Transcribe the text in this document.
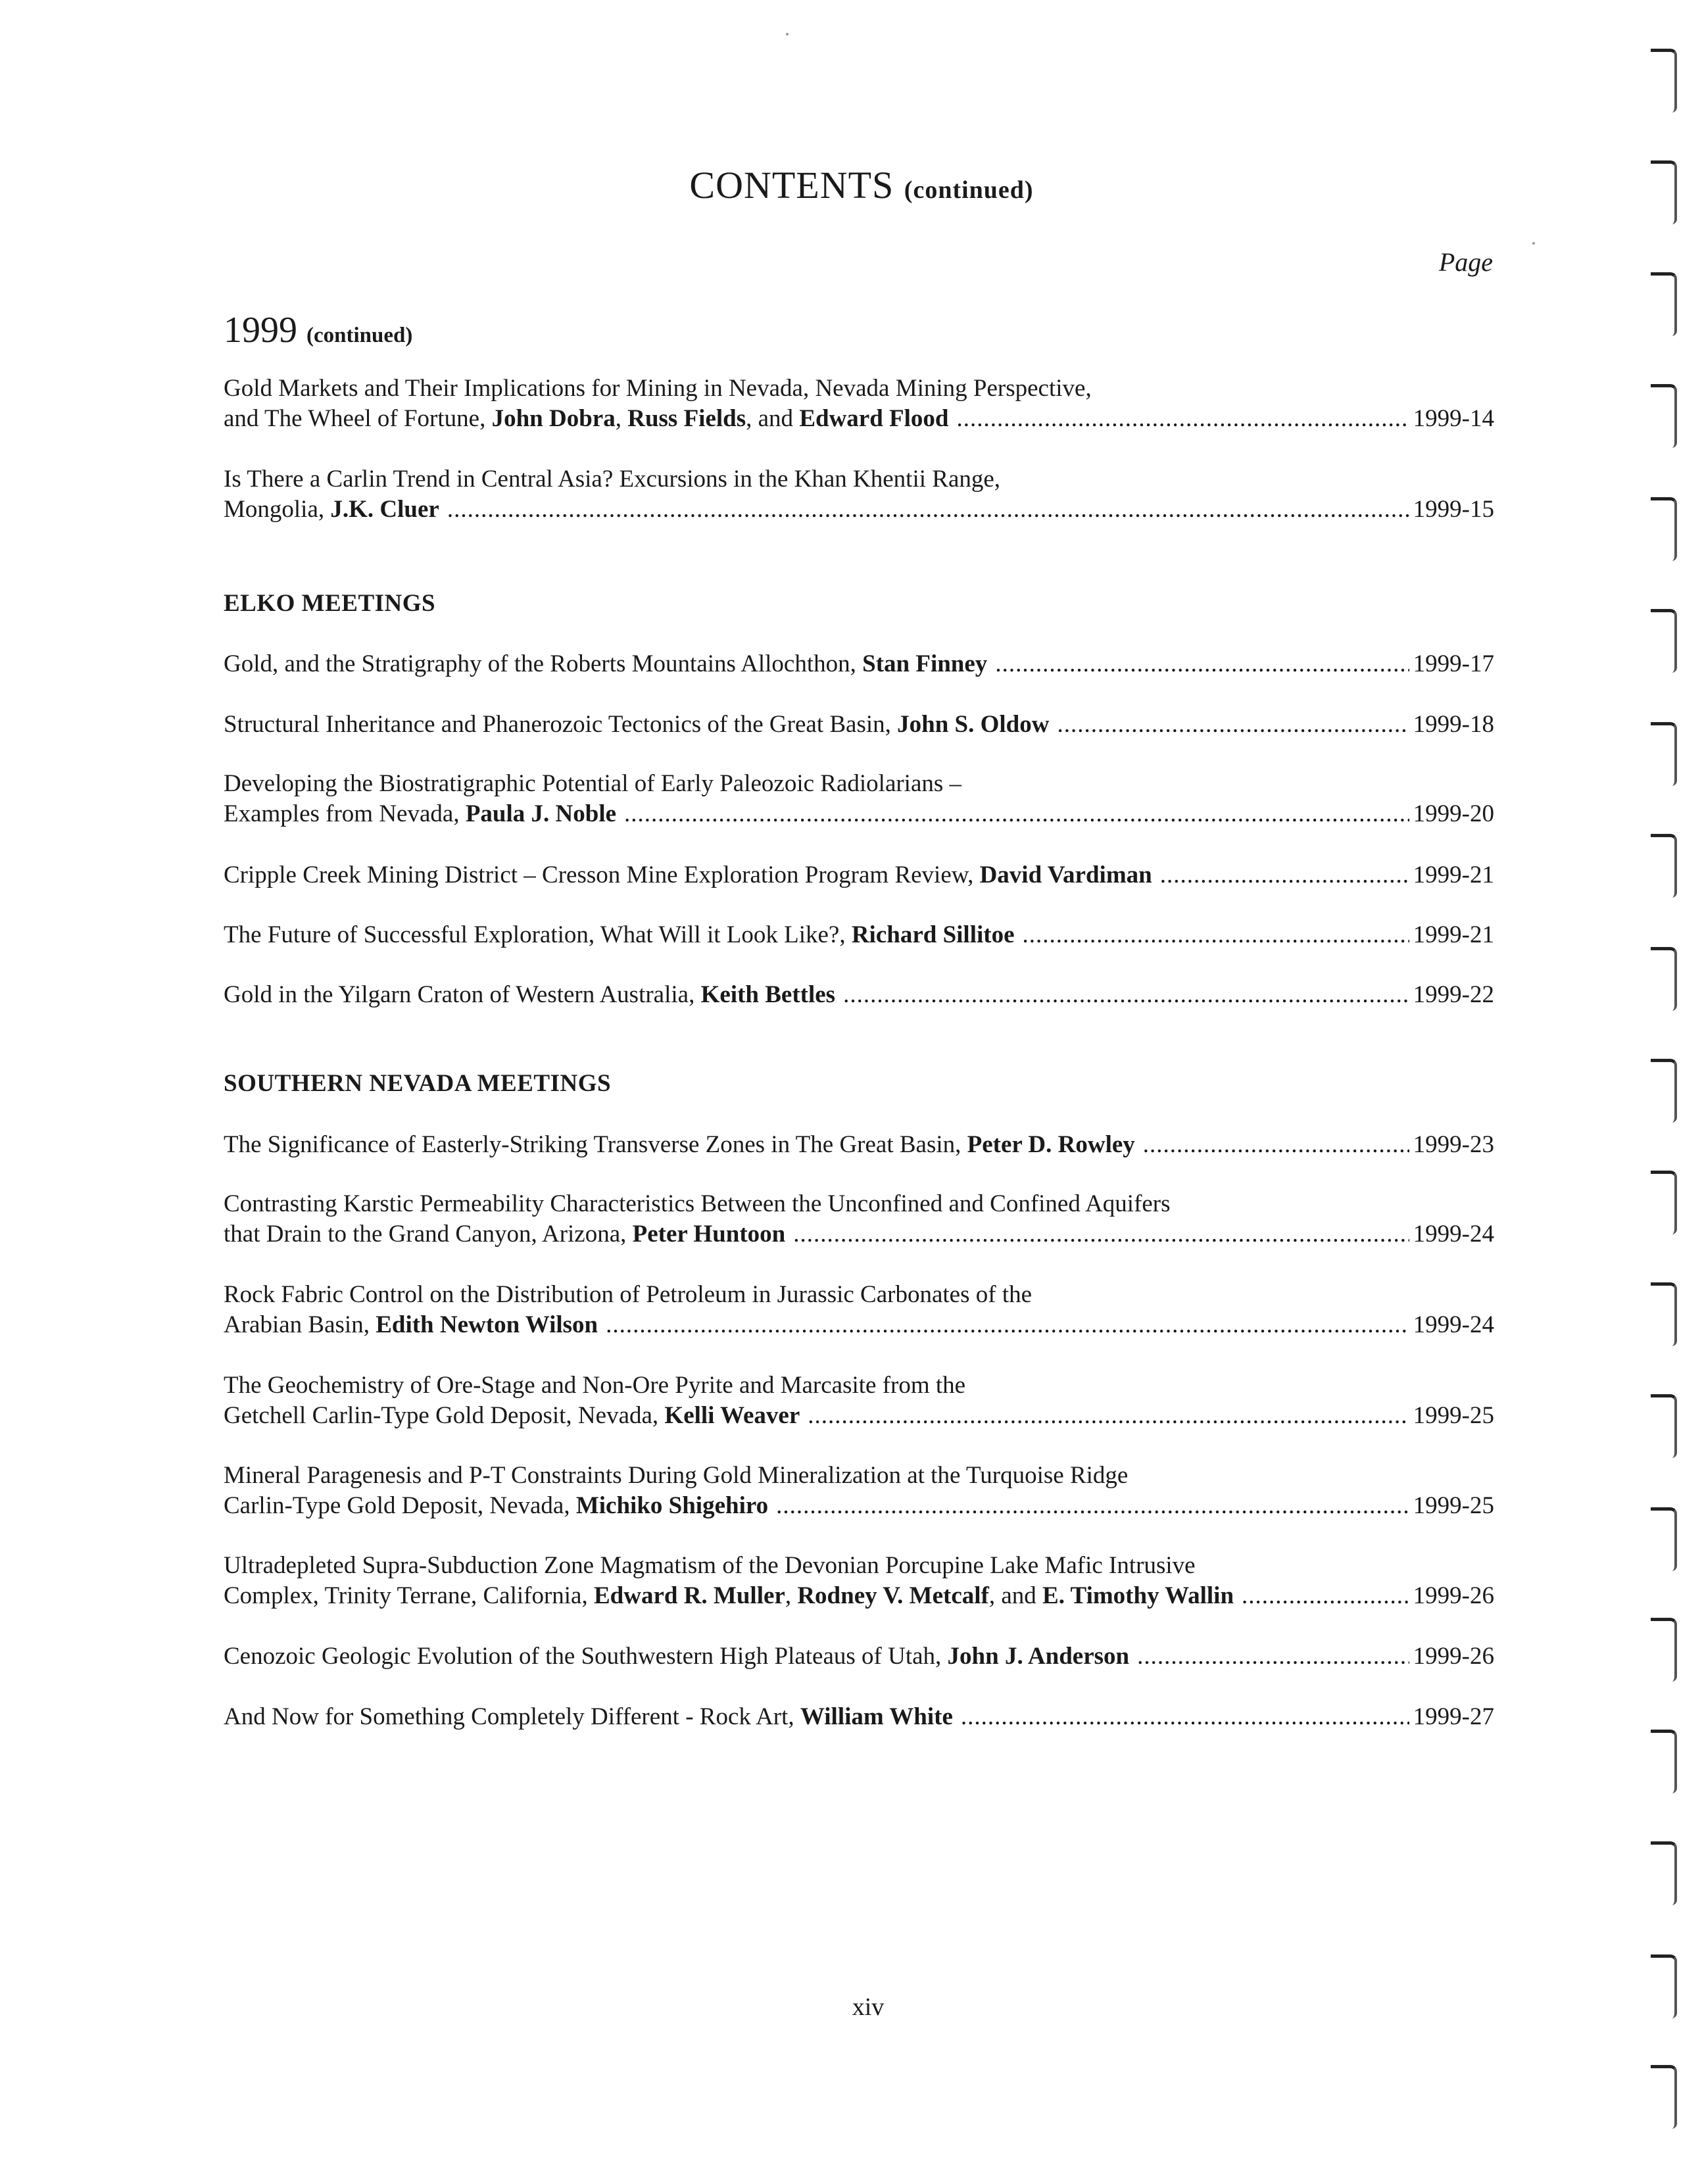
CONTENTS (continued)
Page
1999 (continued)
Gold Markets and Their Implications for Mining in Nevada, Nevada Mining Perspective,
and The Wheel of Fortune, John Dobra, Russ Fields, and Edward Flood .....	1999-14
Is There a Carlin Trend in Central Asia? Excursions in the Khan Khentii Range,
Mongolia, J.K. Cluer .....	1999-15
ELKO MEETINGS
Gold, and the Stratigraphy of the Roberts Mountains Allochthon, Stan Finney .....	1999-17
Structural Inheritance and Phanerozoic Tectonics of the Great Basin, John S. Oldow .....	1999-18
Developing the Biostratigraphic Potential of Early Paleozoic Radiolarians –
Examples from Nevada, Paula J. Noble .....	1999-20
Cripple Creek Mining District – Cresson Mine Exploration Program Review, David Vardiman .....	1999-21
The Future of Successful Exploration, What Will it Look Like?, Richard Sillitoe .....	1999-21
Gold in the Yilgarn Craton of Western Australia, Keith Bettles .....	1999-22
SOUTHERN NEVADA MEETINGS
The Significance of Easterly-Striking Transverse Zones in The Great Basin, Peter D. Rowley .....	1999-23
Contrasting Karstic Permeability Characteristics Between the Unconfined and Confined Aquifers
that Drain to the Grand Canyon, Arizona, Peter Huntoon .....	1999-24
Rock Fabric Control on the Distribution of Petroleum in Jurassic Carbonates of the
Arabian Basin, Edith Newton Wilson .....	1999-24
The Geochemistry of Ore-Stage and Non-Ore Pyrite and Marcasite from the
Getchell Carlin-Type Gold Deposit, Nevada, Kelli Weaver .....	1999-25
Mineral Paragenesis and P-T Constraints During Gold Mineralization at the Turquoise Ridge
Carlin-Type Gold Deposit, Nevada, Michiko Shigehiro .....	1999-25
Ultradepleted Supra-Subduction Zone Magmatism of the Devonian Porcupine Lake Mafic Intrusive
Complex, Trinity Terrane, California, Edward R. Muller, Rodney V. Metcalf, and E. Timothy Wallin .....	1999-26
Cenozoic Geologic Evolution of the Southwestern High Plateaus of Utah, John J. Anderson .....	1999-26
And Now for Something Completely Different - Rock Art, William White .....	1999-27
xiv
